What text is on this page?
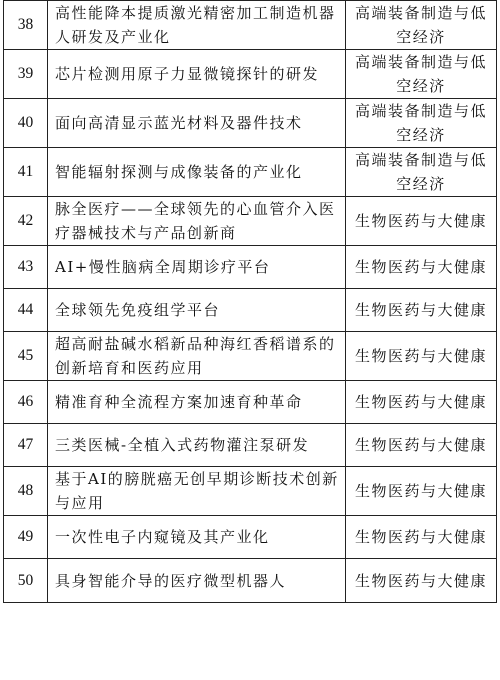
38	高性能降本提质激光精密加工制造机器人研发及产业化	高端装备制造与低空经济
39	芯片检测用原子力显微镜探针的研发	高端装备制造与低空经济
40	面向高清显示蓝光材料及器件技术	高端装备制造与低空经济
41	智能辐射探测与成像装备的产业化	高端装备制造与低空经济
42	脉全医疗——全球领先的心血管介入医疗器械技术与产品创新商	生物医药与大健康
43	AI+慢性脑病全周期诊疗平台	生物医药与大健康
44	全球领先免疫组学平台	生物医药与大健康
45	超高耐盐碱水稻新品种海红香稻谱系的创新培育和医药应用	生物医药与大健康
46	精准育种全流程方案加速育种革命	生物医药与大健康
47	三类医械-全植入式药物灌注泵研发	生物医药与大健康
48	基于AI的膀胱癌无创早期诊断技术创新与应用	生物医药与大健康
49	一次性电子内窥镜及其产业化	生物医药与大健康
50	具身智能介导的医疗微型机器人	生物医药与大健康
